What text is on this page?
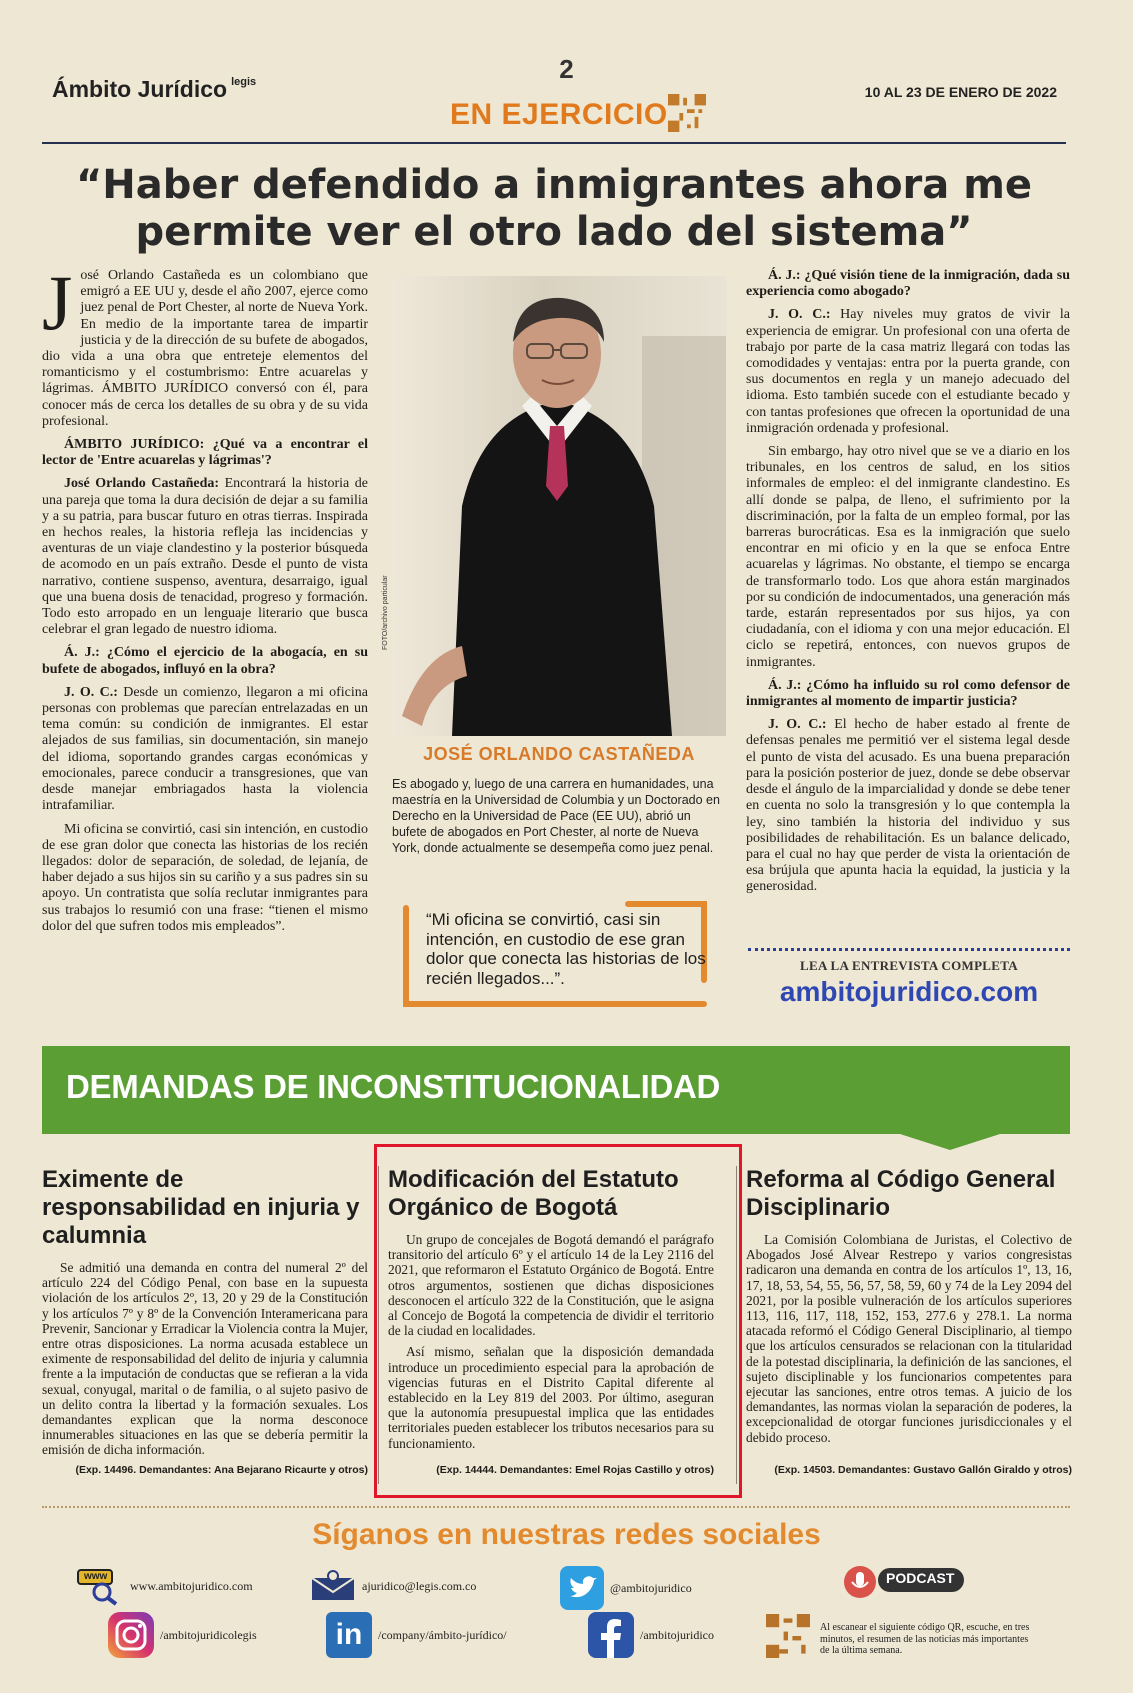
Ámbito Jurídico $^{legis}$	2
EN EJERCICIO
10 AL 23 DE ENERO DE 2022
“Haber defendido a inmigrantes ahora me permite ver el otro lado del sistema”

José Orlando Castañeda es un colombiano que emigró a EE UU y, desde el año 2007, ejerce como juez penal de Port Chester, al norte de Nueva York. En medio de la importante tarea de impartir justicia y de la dirección de su bufete de abogados, dio vida a una obra que entreteje elementos del romanticismo y el costumbrismo: Entre acuarelas y lágrimas. ÁMBITO JURÍDICO conversó con él, para conocer más de cerca los detalles de su obra y de su vida profesional.

ÁMBITO JURÍDICO: ¿Qué va a encontrar el lector de 'Entre acuarelas y lágrimas'?

José Orlando Castañeda: Encontrará la historia de una pareja que toma la dura decisión de dejar a su familia y a su patria, para buscar futuro en otras tierras. Inspirada en hechos reales, la historia refleja las incidencias y aventuras de un viaje clandestino y la posterior búsqueda de acomodo en un país extraño. Desde el punto de vista narrativo, contiene suspenso, aventura, desarraigo, igual que una buena dosis de tenacidad, progreso y formación. Todo esto arropado en un lenguaje literario que busca celebrar el gran legado de nuestro idioma.

Á. J.: ¿Cómo el ejercicio de la abogacía, en su bufete de abogados, influyó en la obra?

J. O. C.: Desde un comienzo, llegaron a mi oficina personas con problemas que parecían entrelazadas en un tema común: su condición de inmigrantes. El estar alejados de sus familias, sin documentación, sin manejo del idioma, soportando grandes cargas económicas y emocionales, parece conducir a transgresiones, que van desde manejar embriagados hasta la violencia intrafamiliar.

Mi oficina se convirtió, casi sin intención, en custodio de ese gran dolor que conecta las historias de los recién llegados: dolor de separación, de soledad, de lejanía, de haber dejado a sus hijos sin su cariño y a sus padres sin su apoyo. Un contratista que solía reclutar inmigrantes para sus trabajos lo resumió con una frase: “tienen el mismo dolor del que sufren todos mis empleados”.

FOTO/archivo particular
JOSÉ ORLANDO CASTAÑEDA
Es abogado y, luego de una carrera en humanidades, una maestría en la Universidad de Columbia y un Doctorado en Derecho en la Universidad de Pace (EE UU), abrió un bufete de abogados en Port Chester, al norte de Nueva York, donde actualmente se desempeña como juez penal.
“Mi oficina se convirtió, casi sin intención, en custodio de ese gran dolor que conecta las historias de los recién llegados...”.

Á. J.: ¿Qué visión tiene de la inmigración, dada su experiencia como abogado?

J. O. C.: Hay niveles muy gratos de vivir la experiencia de emigrar. Un profesional con una oferta de trabajo por parte de la casa matriz llegará con todas las comodidades y ventajas: entra por la puerta grande, con sus documentos en regla y un manejo adecuado del idioma. Esto también sucede con el estudiante becado y con tantas profesiones que ofrecen la oportunidad de una inmigración ordenada y profesional.

Sin embargo, hay otro nivel que se ve a diario en los tribunales, en los centros de salud, en los sitios informales de empleo: el del inmigrante clandestino. Es allí donde se palpa, de lleno, el sufrimiento por la discriminación, por la falta de un empleo formal, por las barreras burocráticas. Esa es la inmigración que suelo encontrar en mi oficio y en la que se enfoca Entre acuarelas y lágrimas. No obstante, el tiempo se encarga de transformarlo todo. Los que ahora están marginados por su condición de indocumentados, una generación más tarde, estarán representados por sus hijos, ya con ciudadanía, con el idioma y con una mejor educación. El ciclo se repetirá, entonces, con nuevos grupos de inmigrantes.

Á. J.: ¿Cómo ha influido su rol como defensor de inmigrantes al momento de impartir justicia?

J. O. C.: El hecho de haber estado al frente de defensas penales me permitió ver el sistema legal desde el punto de vista del acusado. Es una buena preparación para la posición posterior de juez, donde se debe observar desde el ángulo de la imparcialidad y donde se debe tener en cuenta no solo la transgresión y lo que contempla la ley, sino también la historia del individuo y sus posibilidades de rehabilitación. Es un balance delicado, para el cual no hay que perder de vista la orientación de esa brújula que apunta hacia la equidad, la justicia y la generosidad.

LEA LA ENTREVISTA COMPLETA
ambitojuridico.com
DEMANDAS DE INCONSTITUCIONALIDAD
Eximente de responsabilidad en injuria y calumnia

Se admitió una demanda en contra del numeral 2º del artículo 224 del Código Penal, con base en la supuesta violación de los artículos 2º, 13, 20 y 29 de la Constitución y los artículos 7º y 8º de la Convención Interamericana para Prevenir, Sancionar y Erradicar la Violencia contra la Mujer, entre otras disposiciones. La norma acusada establece un eximente de responsabilidad del delito de injuria y calumnia frente a la imputación de conductas que se refieran a la vida sexual, conyugal, marital o de familia, o al sujeto pasivo de un delito contra la libertad y la formación sexuales. Los demandantes explican que la norma desconoce innumerables situaciones en las que se debería permitir la emisión de dicha información.

(Exp. 14496. Demandantes: Ana Bejarano Ricaurte y otros)

Modificación del Estatuto Orgánico de Bogotá

Un grupo de concejales de Bogotá demandó el parágrafo transitorio del artículo 6º y el artículo 14 de la Ley 2116 del 2021, que reformaron el Estatuto Orgánico de Bogotá. Entre otros argumentos, sostienen que dichas disposiciones desconocen el artículo 322 de la Constitución, que le asigna al Concejo de Bogotá la competencia de dividir el territorio de la ciudad en localidades.

Así mismo, señalan que la disposición demandada introduce un procedimiento especial para la aprobación de vigencias futuras en el Distrito Capital diferente al establecido en la Ley 819 del 2003. Por último, aseguran que la autonomía presupuestal implica que las entidades territoriales pueden establecer los tributos necesarios para su funcionamiento.

(Exp. 14444. Demandantes: Emel Rojas Castillo y otros)

Reforma al Código General Disciplinario

La Comisión Colombiana de Juristas, el Colectivo de Abogados José Alvear Restrepo y varios congresistas radicaron una demanda en contra de los artículos 1º, 13, 16, 17, 18, 53, 54, 55, 56, 57, 58, 59, 60 y 74 de la Ley 2094 del 2021, por la posible vulneración de los artículos superiores 113, 116, 117, 118, 152, 153, 277.6 y 278.1. La norma atacada reformó el Código General Disciplinario, al tiempo que los artículos censurados se relacionan con la titularidad de la potestad disciplinaria, la definición de las sanciones, el sujeto disciplinable y los funcionarios competentes para ejecutar las sanciones, entre otros temas. A juicio de los demandantes, las normas violan la separación de poderes, la excepcionalidad de otorgar funciones jurisdiccionales y el debido proceso.

(Exp. 14503. Demandantes: Gustavo Gallón Giraldo y otros)

Síganos en nuestras redes sociales
www
www.ambitojuridico.com	ajuridico@legis.com.co	@ambitojuridico
PODCAST
/ambitojuridicolegis	in	/company/ámbito-jurídico/	/ambitojuridico	Al escanear el siguiente código QR, escuche, en tres minutos, el resumen de las noticias más importantes de la última semana.
